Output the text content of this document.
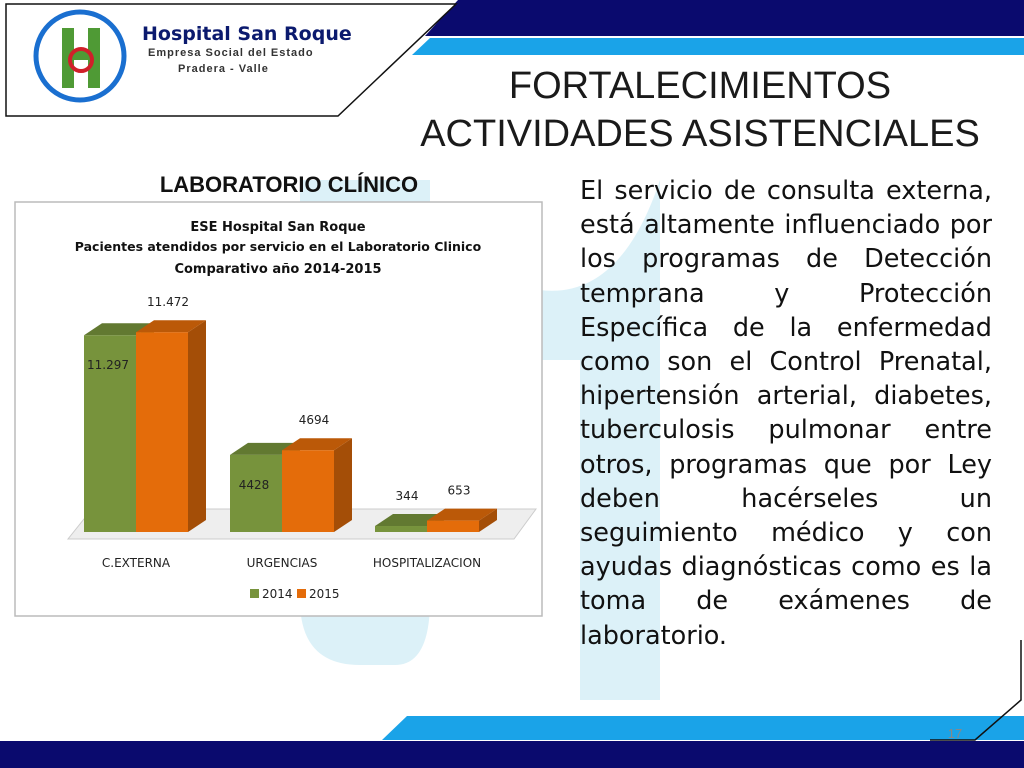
Hospital San Roque
Empresa Social del Estado
Pradera - Valle	FORTALECIMIENTOS
ACTIVIDADES ASISTENCIALES
LABORATORIO CLÍNICO
ESE Hospital San Roque
Pacientes atendidos por servicio en el Laboratorio Clinico
Comparativo año 2014-2015
11.297
11.472
C.EXTERNA
4428
4694
URGENCIAS
344 653
HOSPITALIZACION
2014 2015
El servicio de consulta externa, está altamente influenciado por los programas de Detección temprana y Protección Específica de la enfermedad como son el Control Prenatal, hipertensión arterial, diabetes, tuberculosis pulmonar entre otros, programas que por Ley deben hacérseles un seguimiento médico y con ayudas diagnósticas como es la toma de exámenes de laboratorio.
17
